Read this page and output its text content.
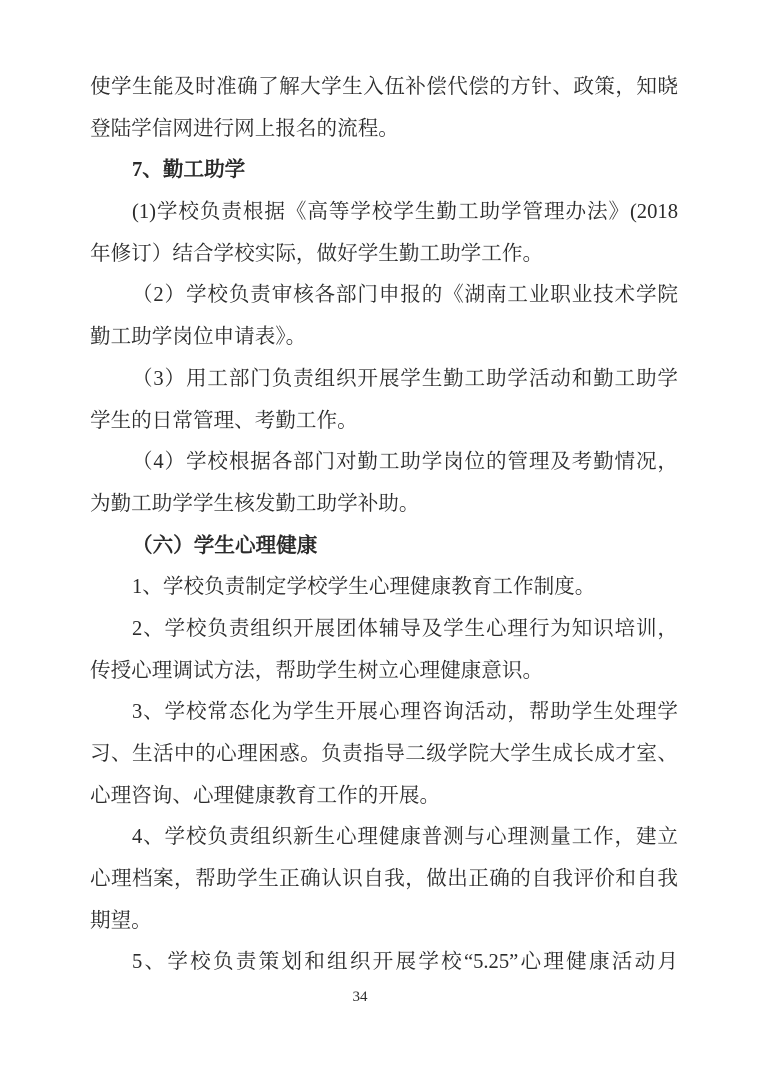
使学生能及时准确了解大学生入伍补偿代偿的方针、政策，知晓
登陆学信网进行网上报名的流程。
7、勤工助学
(1)学校负责根据《高等学校学生勤工助学管理办法》(2018
年修订）结合学校实际，做好学生勤工助学工作。
（2）学校负责审核各部门申报的《湖南工业职业技术学院
勤工助学岗位申请表》。
（3）用工部门负责组织开展学生勤工助学活动和勤工助学
学生的日常管理、考勤工作。
（4）学校根据各部门对勤工助学岗位的管理及考勤情况，
为勤工助学学生核发勤工助学补助。
（六）学生心理健康
1、学校负责制定学校学生心理健康教育工作制度。
2、学校负责组织开展团体辅导及学生心理行为知识培训，
传授心理调试方法，帮助学生树立心理健康意识。
3、学校常态化为学生开展心理咨询活动，帮助学生处理学
习、生活中的心理困惑。负责指导二级学院大学生成长成才室、
心理咨询、心理健康教育工作的开展。
4、学校负责组织新生心理健康普测与心理测量工作，建立
心理档案，帮助学生正确认识自我，做出正确的自我评价和自我
期望。
5、学校负责策划和组织开展学校“5.25”心理健康活动月
34
